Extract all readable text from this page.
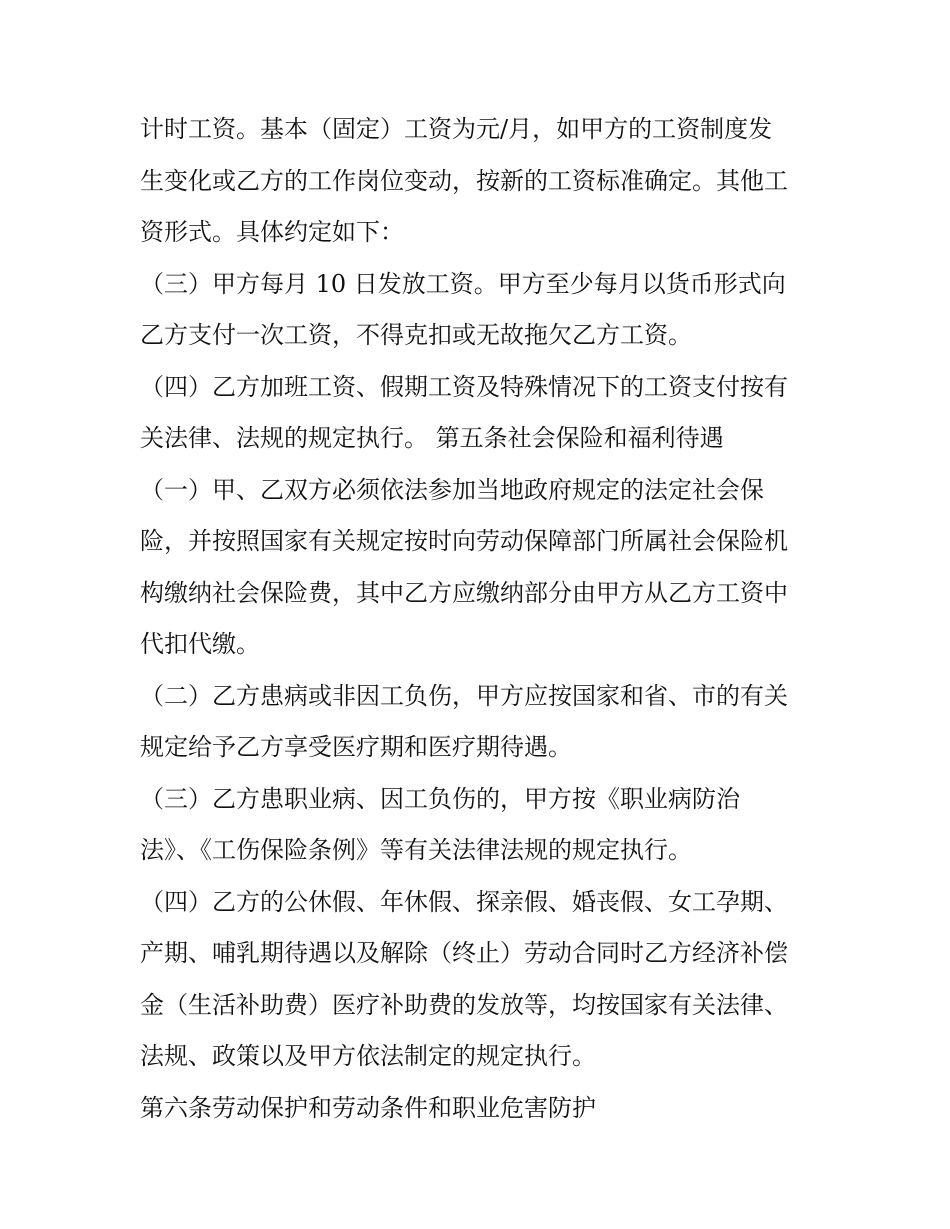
计时工资。基本（固定）工资为元/月，如甲方的工资制度发
生变化或乙方的工作岗位变动，按新的工资标准确定。其他工
资形式。具体约定如下：
（三）甲方每月 10 日发放工资。甲方至少每月以货币形式向
乙方支付一次工资，不得克扣或无故拖欠乙方工资。
（四）乙方加班工资、假期工资及特殊情况下的工资支付按有
关法律、法规的规定执行。 第五条社会保险和福利待遇
（一）甲、乙双方必须依法参加当地政府规定的法定社会保
险，并按照国家有关规定按时向劳动保障部门所属社会保险机
构缴纳社会保险费，其中乙方应缴纳部分由甲方从乙方工资中
代扣代缴。
（二）乙方患病或非因工负伤，甲方应按国家和省、市的有关
规定给予乙方享受医疗期和医疗期待遇。
（三）乙方患职业病、因工负伤的，甲方按《职业病防治
法》、《工伤保险条例》等有关法律法规的规定执行。
（四）乙方的公休假、年休假、探亲假、婚丧假、女工孕期、
产期、哺乳期待遇以及解除（终止）劳动合同时乙方经济补偿
金（生活补助费）医疗补助费的发放等，均按国家有关法律、
法规、政策以及甲方依法制定的规定执行。
第六条劳动保护和劳动条件和职业危害防护
